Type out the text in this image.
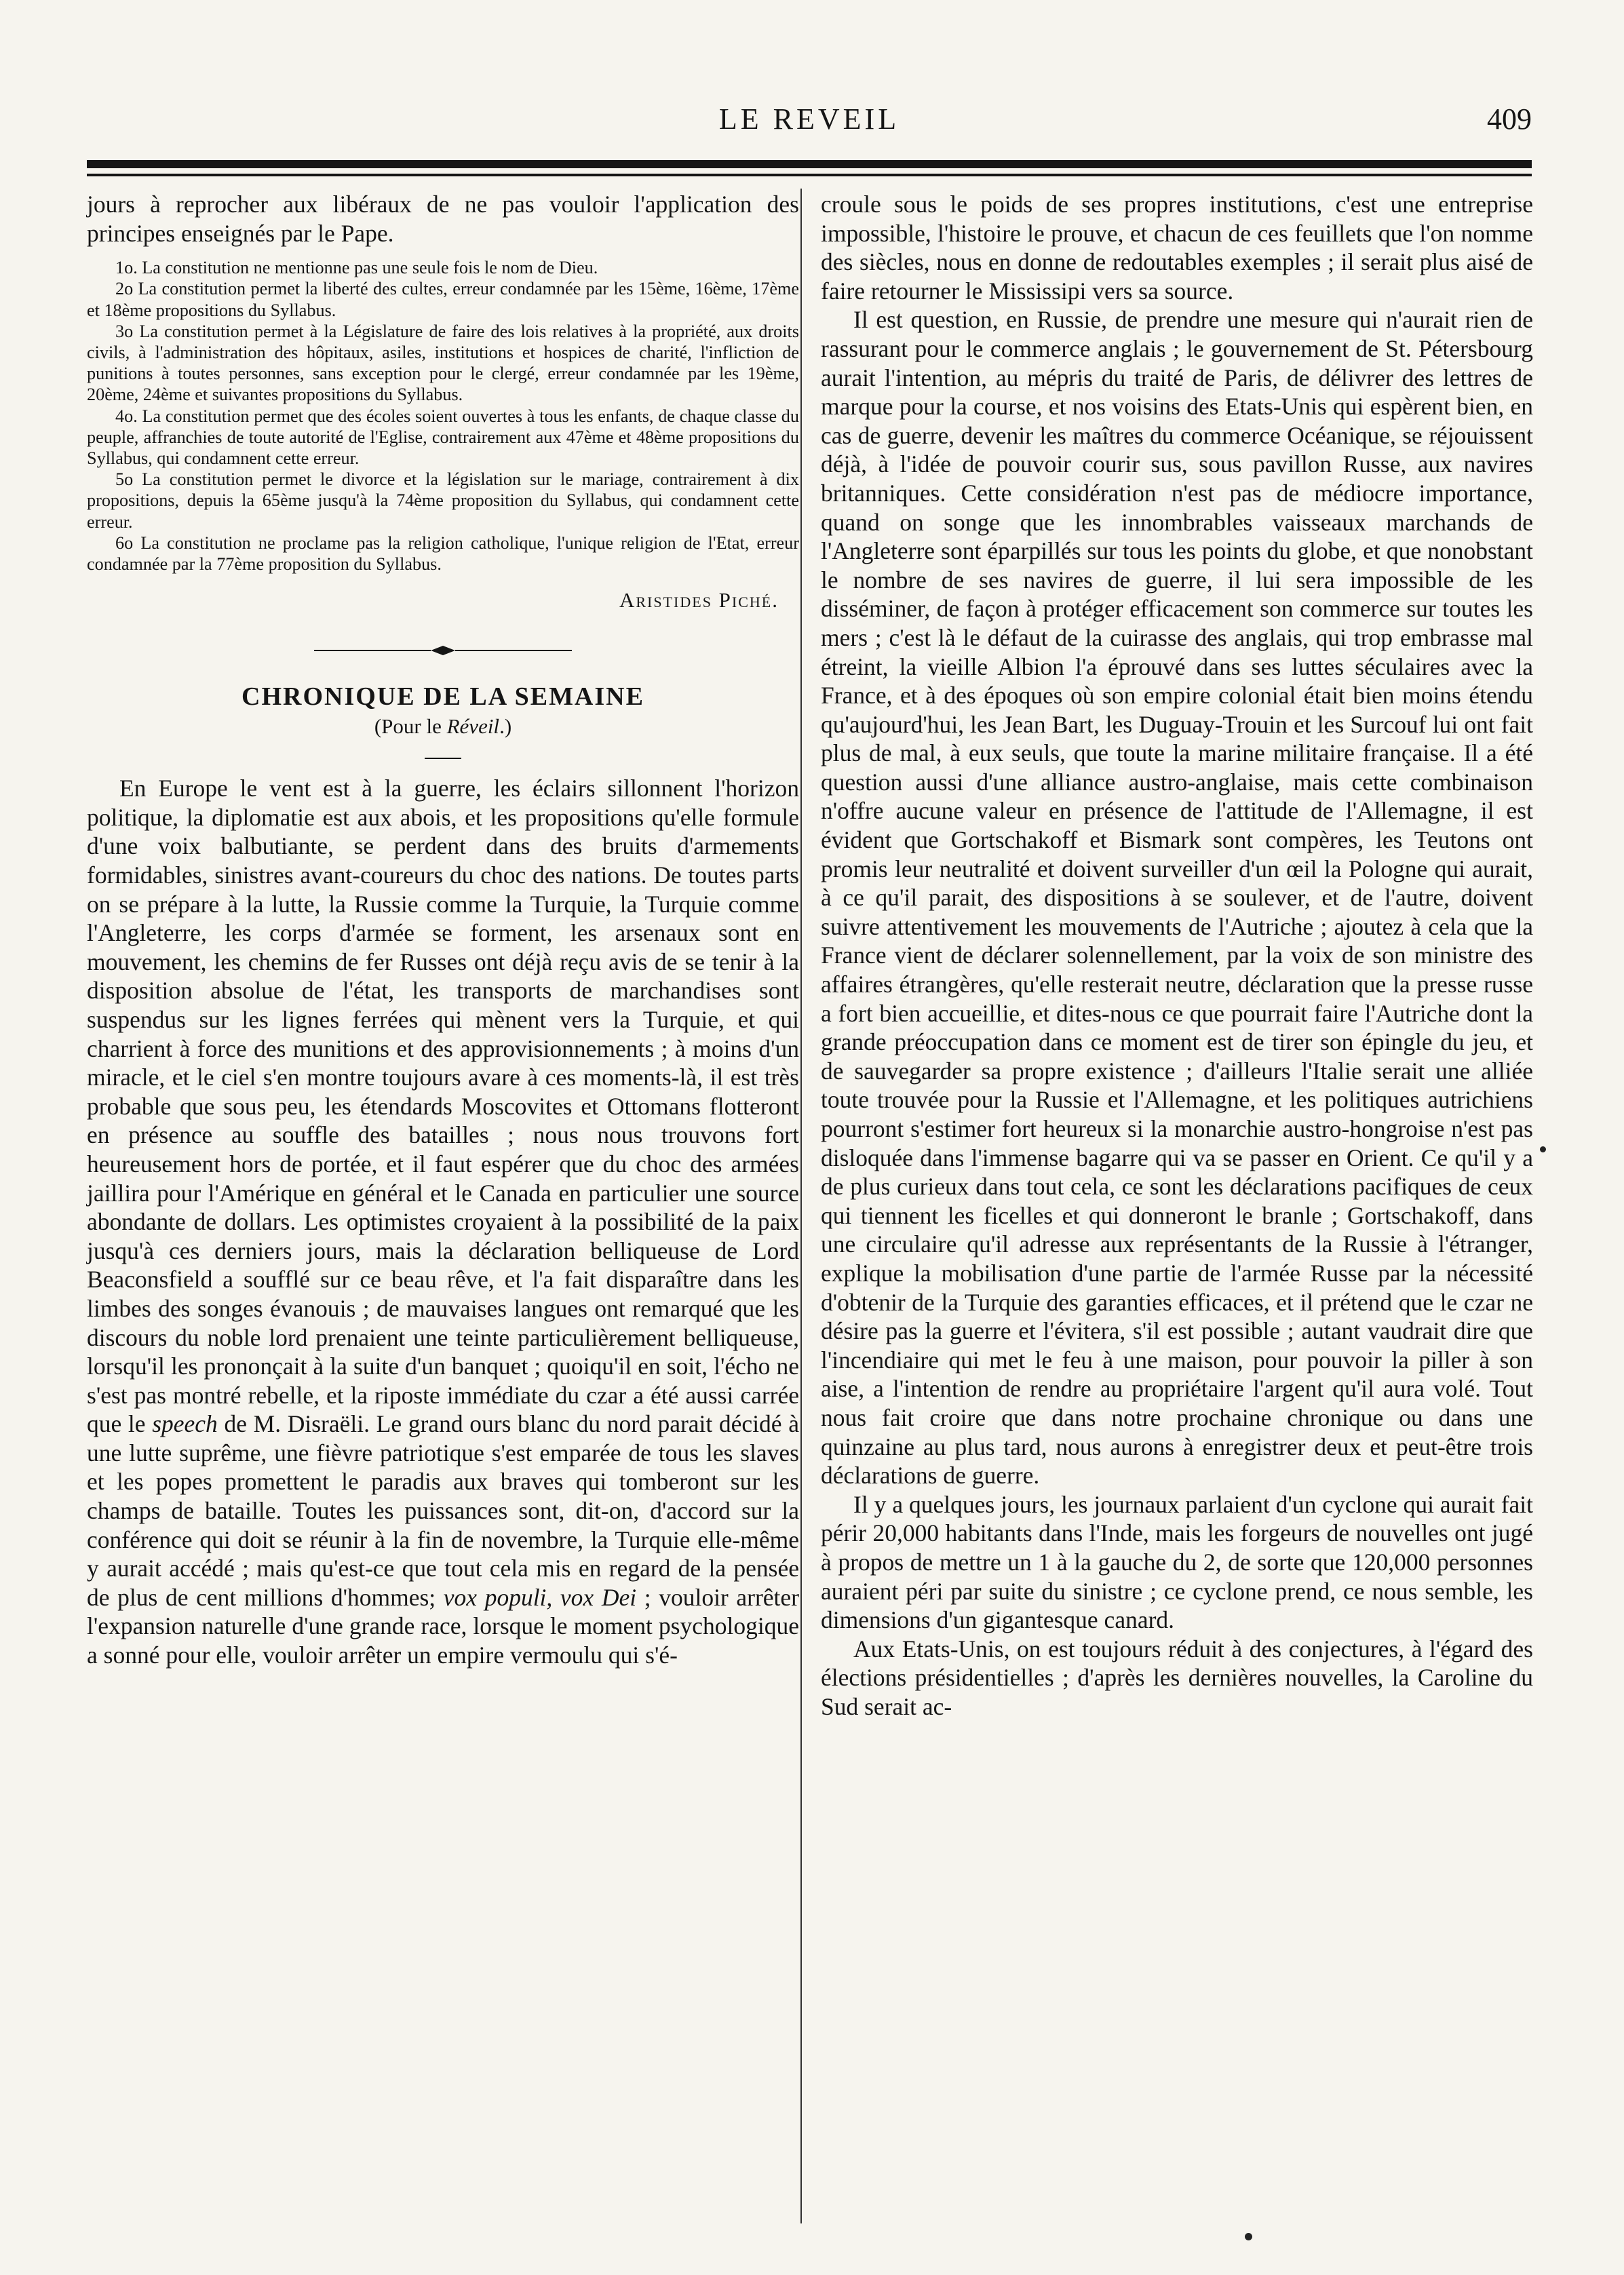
LE REVEIL	409

jours à reprocher aux libéraux de ne pas vouloir l'application des principes enseignés par le Pape.

1o. La constitution ne mentionne pas une seule fois le nom de Dieu.

2o La constitution permet la liberté des cultes, erreur condamnée par les 15ème, 16ème, 17ème et 18ème propositions du Syllabus.

3o La constitution permet à la Législature de faire des lois relatives à la propriété, aux droits civils, à l'administration des hôpitaux, asiles, institutions et hospices de charité, l'infliction de punitions à toutes personnes, sans exception pour le clergé, erreur condamnée par les 19ème, 20ème, 24ème et suivantes propositions du Syllabus.

4o. La constitution permet que des écoles soient ouvertes à tous les enfants, de chaque classe du peuple, affranchies de toute autorité de l'Eglise, contrairement aux 47ème et 48ème propositions du Syllabus, qui condamnent cette erreur.

5o La constitution permet le divorce et la législation sur le mariage, contrairement à dix propositions, depuis la 65ème jusqu'à la 74ème proposition du Syllabus, qui condamnent cette erreur.

6o La constitution ne proclame pas la religion catholique, l'unique religion de l'Etat, erreur condamnée par la 77ème proposition du Syllabus.

Aristides Piché.

CHRONIQUE DE LA SEMAINE

(Pour le Réveil.)

En Europe le vent est à la guerre, les éclairs sillonnent l'horizon politique, la diplomatie est aux abois, et les propositions qu'elle formule d'une voix balbutiante, se perdent dans des bruits d'armements formidables, sinistres avant-coureurs du choc des nations. De toutes parts on se prépare à la lutte, la Russie comme la Turquie, la Turquie comme l'Angleterre, les corps d'armée se forment, les arsenaux sont en mouvement, les chemins de fer Russes ont déjà reçu avis de se tenir à la disposition absolue de l'état, les transports de marchandises sont suspendus sur les lignes ferrées qui mènent vers la Turquie, et qui charrient à force des munitions et des approvisionnements ; à moins d'un miracle, et le ciel s'en montre toujours avare à ces moments-là, il est très probable que sous peu, les étendards Moscovites et Ottomans flotteront en présence au souffle des batailles ; nous nous trouvons fort heureusement hors de portée, et il faut espérer que du choc des armées jaillira pour l'Amérique en général et le Canada en particulier une source abondante de dollars. Les optimistes croyaient à la possibilité de la paix jusqu'à ces derniers jours, mais la déclaration belliqueuse de Lord Beaconsfield a soufflé sur ce beau rêve, et l'a fait disparaître dans les limbes des songes évanouis ; de mauvaises langues ont remarqué que les discours du noble lord prenaient une teinte particulièrement belliqueuse, lorsqu'il les prononçait à la suite d'un banquet ; quoiqu'il en soit, l'écho ne s'est pas montré rebelle, et la riposte immédiate du czar a été aussi carrée que le speech de M. Disraëli. Le grand ours blanc du nord parait décidé à une lutte suprême, une fièvre patriotique s'est emparée de tous les slaves et les popes promettent le paradis aux braves qui tomberont sur les champs de bataille. Toutes les puissances sont, dit-on, d'accord sur la conférence qui doit se réunir à la fin de novembre, la Turquie elle-même y aurait accédé ; mais qu'est-ce que tout cela mis en regard de la pensée de plus de cent millions d'hommes; vox populi, vox Dei ; vouloir arrêter l'expansion naturelle d'une grande race, lorsque le moment psychologique a sonné pour elle, vouloir arrêter un empire vermoulu qui s'é-

croule sous le poids de ses propres institutions, c'est une entreprise impossible, l'histoire le prouve, et chacun de ces feuillets que l'on nomme des siècles, nous en donne de redoutables exemples ; il serait plus aisé de faire retourner le Mississipi vers sa source.

Il est question, en Russie, de prendre une mesure qui n'aurait rien de rassurant pour le commerce anglais ; le gouvernement de St. Pétersbourg aurait l'intention, au mépris du traité de Paris, de délivrer des lettres de marque pour la course, et nos voisins des Etats-Unis qui espèrent bien, en cas de guerre, devenir les maîtres du commerce Océanique, se réjouissent déjà, à l'idée de pouvoir courir sus, sous pavillon Russe, aux navires britanniques. Cette considération n'est pas de médiocre importance, quand on songe que les innombrables vaisseaux marchands de l'Angleterre sont éparpillés sur tous les points du globe, et que nonobstant le nombre de ses navires de guerre, il lui sera impossible de les disséminer, de façon à protéger efficacement son commerce sur toutes les mers ; c'est là le défaut de la cuirasse des anglais, qui trop embrasse mal étreint, la vieille Albion l'a éprouvé dans ses luttes séculaires avec la France, et à des époques où son empire colonial était bien moins étendu qu'aujourd'hui, les Jean Bart, les Duguay-Trouin et les Surcouf lui ont fait plus de mal, à eux seuls, que toute la marine militaire française. Il a été question aussi d'une alliance austro-anglaise, mais cette combinaison n'offre aucune valeur en présence de l'attitude de l'Allemagne, il est évident que Gortschakoff et Bismark sont compères, les Teutons ont promis leur neutralité et doivent surveiller d'un œil la Pologne qui aurait, à ce qu'il parait, des dispositions à se soulever, et de l'autre, doivent suivre attentivement les mouvements de l'Autriche ; ajoutez à cela que la France vient de déclarer solennellement, par la voix de son ministre des affaires étrangères, qu'elle resterait neutre, déclaration que la presse russe a fort bien accueillie, et dites-nous ce que pourrait faire l'Autriche dont la grande préoccupation dans ce moment est de tirer son épingle du jeu, et de sauvegarder sa propre existence ; d'ailleurs l'Italie serait une alliée toute trouvée pour la Russie et l'Allemagne, et les politiques autrichiens pourront s'estimer fort heureux si la monarchie austro-hongroise n'est pas disloquée dans l'immense bagarre qui va se passer en Orient. Ce qu'il y a de plus curieux dans tout cela, ce sont les déclarations pacifiques de ceux qui tiennent les ficelles et qui donneront le branle ; Gortschakoff, dans une circulaire qu'il adresse aux représentants de la Russie à l'étranger, explique la mobilisation d'une partie de l'armée Russe par la nécessité d'obtenir de la Turquie des garanties efficaces, et il prétend que le czar ne désire pas la guerre et l'évitera, s'il est possible ; autant vaudrait dire que l'incendiaire qui met le feu à une maison, pour pouvoir la piller à son aise, a l'intention de rendre au propriétaire l'argent qu'il aura volé. Tout nous fait croire que dans notre prochaine chronique ou dans une quinzaine au plus tard, nous aurons à enregistrer deux et peut-être trois déclarations de guerre.

Il y a quelques jours, les journaux parlaient d'un cyclone qui aurait fait périr 20,000 habitants dans l'Inde, mais les forgeurs de nouvelles ont jugé à propos de mettre un 1 à la gauche du 2, de sorte que 120,000 personnes auraient péri par suite du sinistre ; ce cyclone prend, ce nous semble, les dimensions d'un gigantesque canard.

Aux Etats-Unis, on est toujours réduit à des conjectures, à l'égard des élections présidentielles ; d'après les dernières nouvelles, la Caroline du Sud serait ac-
